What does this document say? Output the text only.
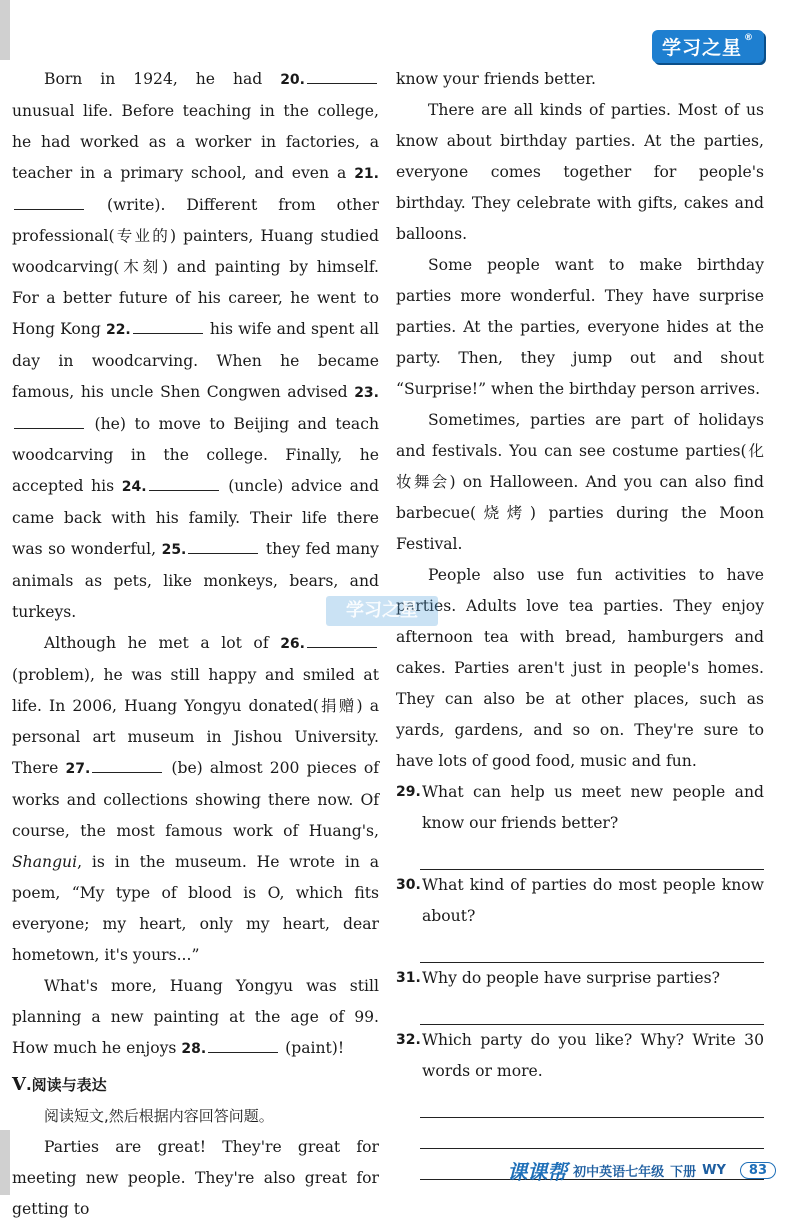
学习之星 ®

Born in 1924, he had 20. unusual life. Before teaching in the college, he had worked as a worker in factories, a teacher in a primary school, and even a 21. (write). Different from other professional(专业的) painters, Huang studied woodcarving(木刻) and painting by himself. For a better future of his career, he went to Hong Kong 22.	his wife and spent all day in woodcarving. When he became famous, his uncle Shen Congwen advised 23. (he) to move to Beijing and teach woodcarving in the college. Finally, he accepted his 24.	(uncle) advice and came back with his family. Their life there was so wonderful, 25.	they fed many animals as pets, like monkeys, bears, and turkeys.

Although he met a lot of 26. (problem), he was still happy and smiled at life. In 2006, Huang Yongyu donated(捐赠) a personal art museum in Jishou University. There 27.	(be) almost 200 pieces of works and collections showing there now. Of course, the most famous work of Huang's, Shangui, is in the museum. He wrote in a poem, “My type of blood is O, which fits everyone; my heart, only my heart, dear hometown, it's yours...”

What's more, Huang Yongyu was still planning a new painting at the age of 99. How much he enjoys 28.	(paint)!

V.阅读与表达

阅读短文,然后根据内容回答问题。

Parties are great! They're great for meeting new people. They're also great for getting to

know your friends better.

There are all kinds of parties. Most of us know about birthday parties. At the parties, everyone comes together for people's birthday. They celebrate with gifts, cakes and balloons.

Some people want to make birthday parties more wonderful. They have surprise parties. At the parties, everyone hides at the party. Then, they jump out and shout “Surprise!” when the birthday person arrives.

Sometimes, parties are part of holidays and festivals. You can see costume parties(化妆舞会) on Halloween. And you can also find barbecue(烧烤) parties during the Moon Festival.

People also use fun activities to have parties. Adults love tea parties. They enjoy afternoon tea with bread, hamburgers and cakes. Parties aren't just in people's homes. They can also be at other places, such as yards, gardens, and so on. They're sure to have lots of good food, music and fun.

29. What can help us meet new people and know our friends better?
30. What kind of parties do most people know about?
31. Why do people have surprise parties?
32. Which party do you like? Why? Write 30 words or more.
学习之星
课课帮 初中英语七年级 下册 WY	83
